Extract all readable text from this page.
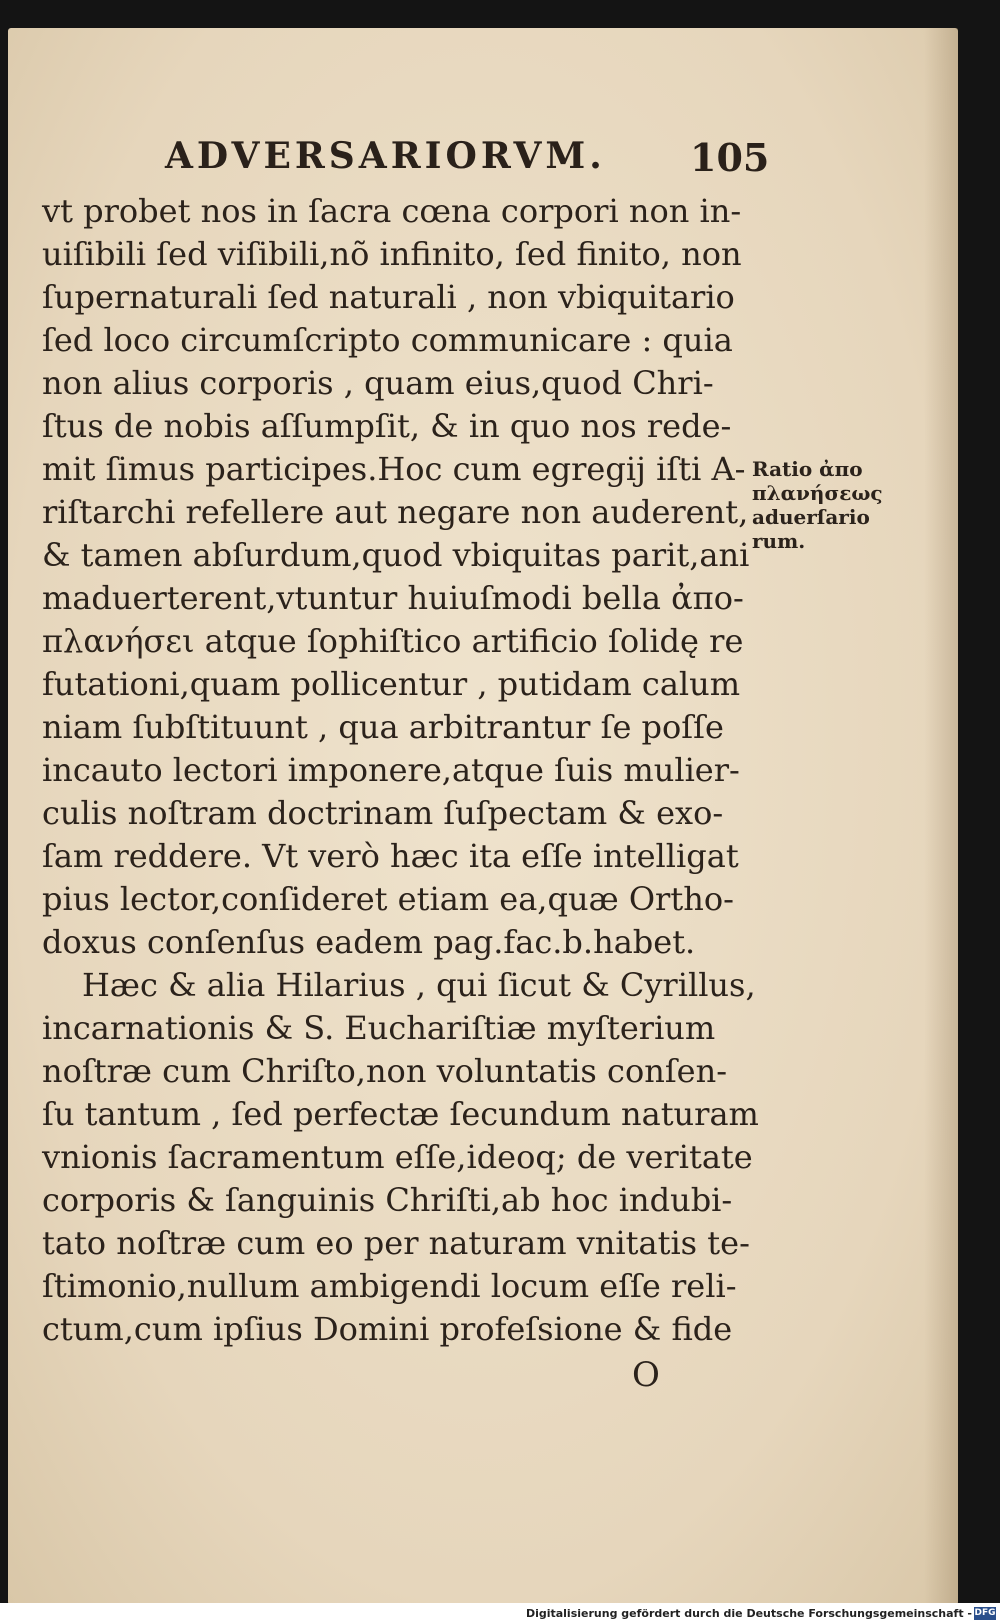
ADVERSARIORVM. 105
vt probet nos in ſacra cœna corpori non in-
uiſibili ſed viſibili,nõ infinito, ſed finito, non
ſupernaturali ſed naturali , non vbiquitario
ſed loco circumſcripto communicare : quia
non alius corporis , quam eius,quod Chri-
ſtus de nobis aſſumpſit, & in quo nos rede-
mit ſimus participes.Hoc cum egregij iſti A-
riſtarchi refellere aut negare non auderent,
& tamen abſurdum,quod vbiquitas parit,ani
maduerterent,vtuntur huiuſmodi bella ἀπο-
πλανήσει atque ſophiſtico artificio ſolidę re
futationi,quam pollicentur , putidam calum
niam ſubſtituunt , qua arbitrantur ſe poſſe
incauto lectori imponere,atque ſuis mulier-
culis noſtram doctrinam ſuſpectam & exo-
ſam reddere. Vt verò hæc ita eſſe intelligat
pius lector,conſideret etiam ea,quæ Ortho-
doxus conſenſus eadem pag.fac.b.habet.
Hæc & alia Hilarius , qui ſicut & Cyrillus,
incarnationis & S. Euchariſtiæ myſterium
noſtræ cum Chriſto,non voluntatis conſen-
ſu tantum , ſed perfectæ ſecundum naturam
vnionis ſacramentum eſſe,ideoq; de veritate
corporis & ſanguinis Chriſti,ab hoc indubi-
tato noſtræ cum eo per naturam vnitatis te-
ſtimonio,nullum ambigendi locum eſſe reli-
ctum,cum ipſius Domini profeſsione & fide
Ratio ἀπο
πλανήσεως
aduerſario
rum.
O
Digitalisierung gefördert durch die Deutsche Forschungsgemeinschaft - DFG
